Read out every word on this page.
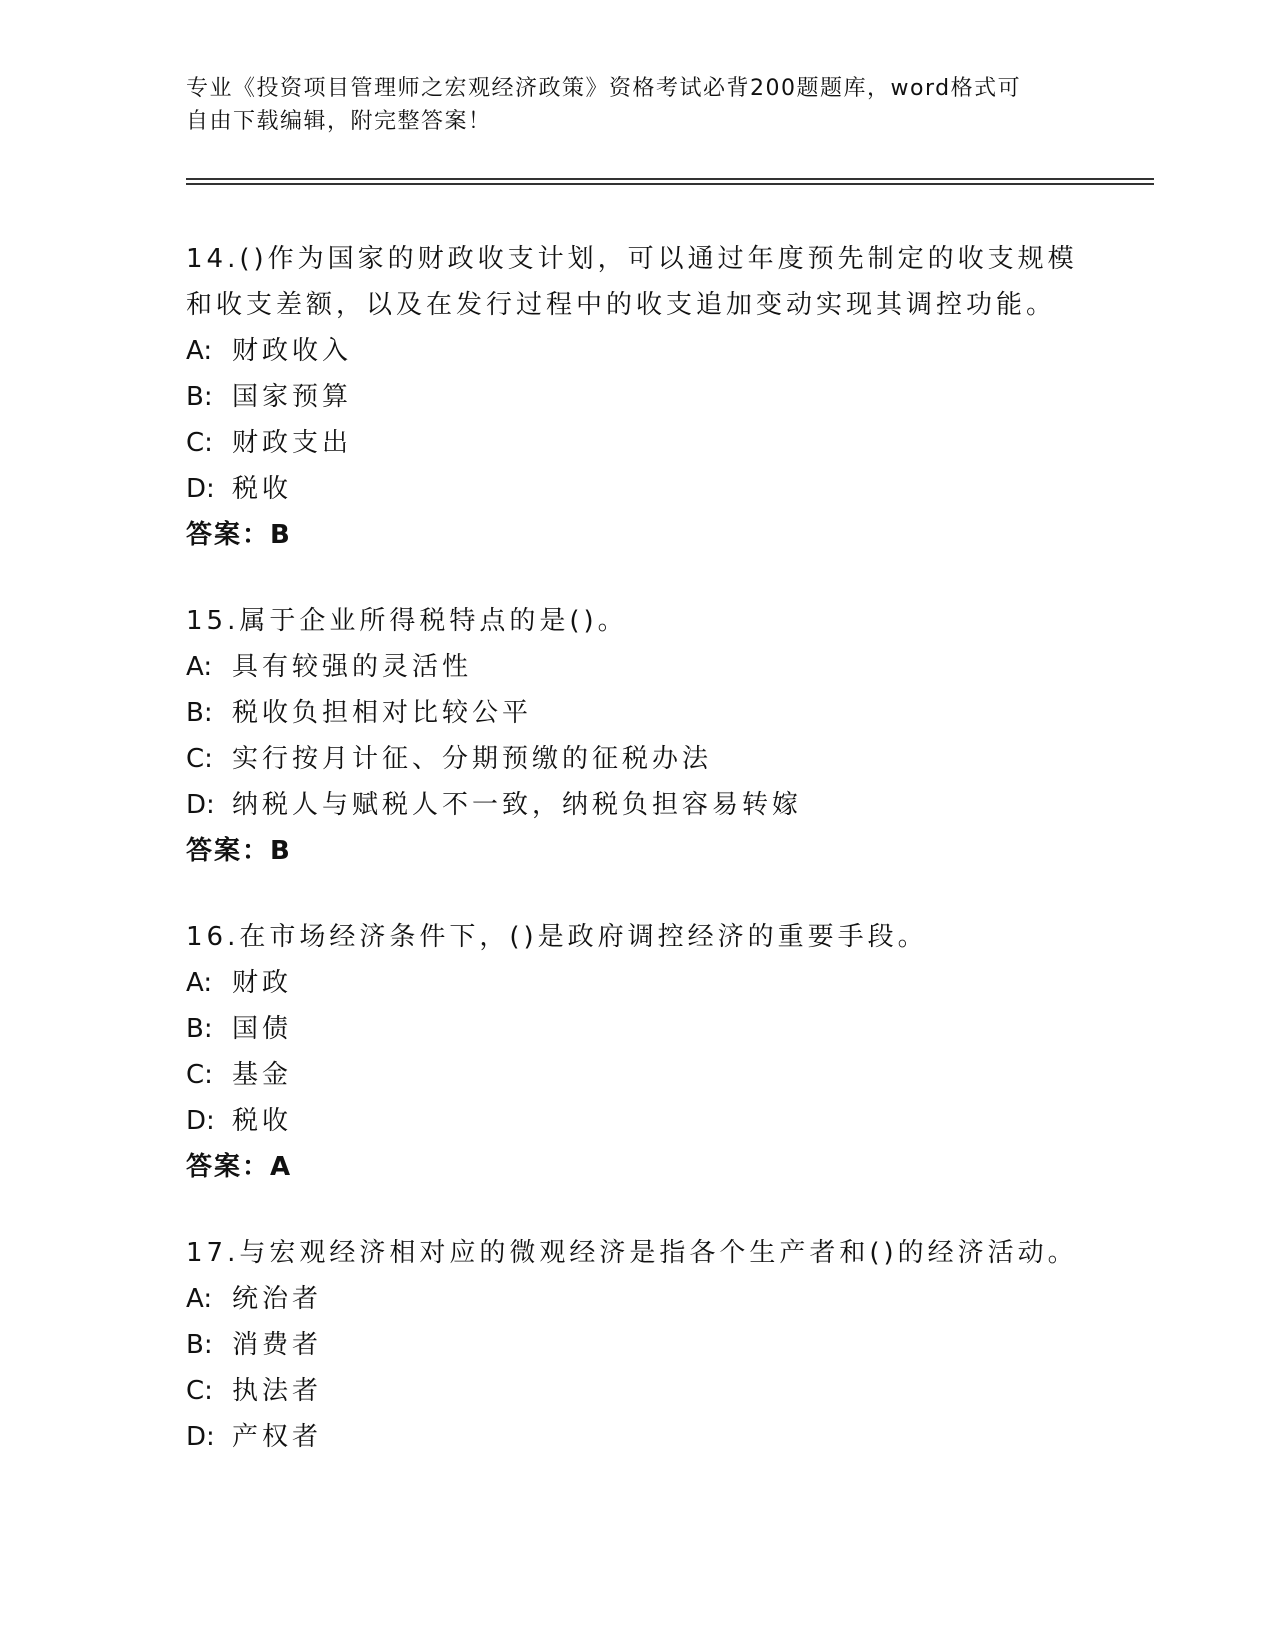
专业《投资项目管理师之宏观经济政策》资格考试必背200题题库，word格式可
自由下载编辑，附完整答案！

14.()作为国家的财政收支计划，可以通过年度预先制定的收支规模和收支差额，以及在发行过程中的收支追加变动实现其调控功能。

A: 财政收入
B: 国家预算
C: 财政支出
D: 税收
答案：B

15.属于企业所得税特点的是()。

A: 具有较强的灵活性
B: 税收负担相对比较公平
C: 实行按月计征、分期预缴的征税办法
D: 纳税人与赋税人不一致，纳税负担容易转嫁
答案：B

16.在市场经济条件下，()是政府调控经济的重要手段。

A: 财政
B: 国债
C: 基金
D: 税收
答案：A

17.与宏观经济相对应的微观经济是指各个生产者和()的经济活动。

A: 统治者
B: 消费者
C: 执法者
D: 产权者
